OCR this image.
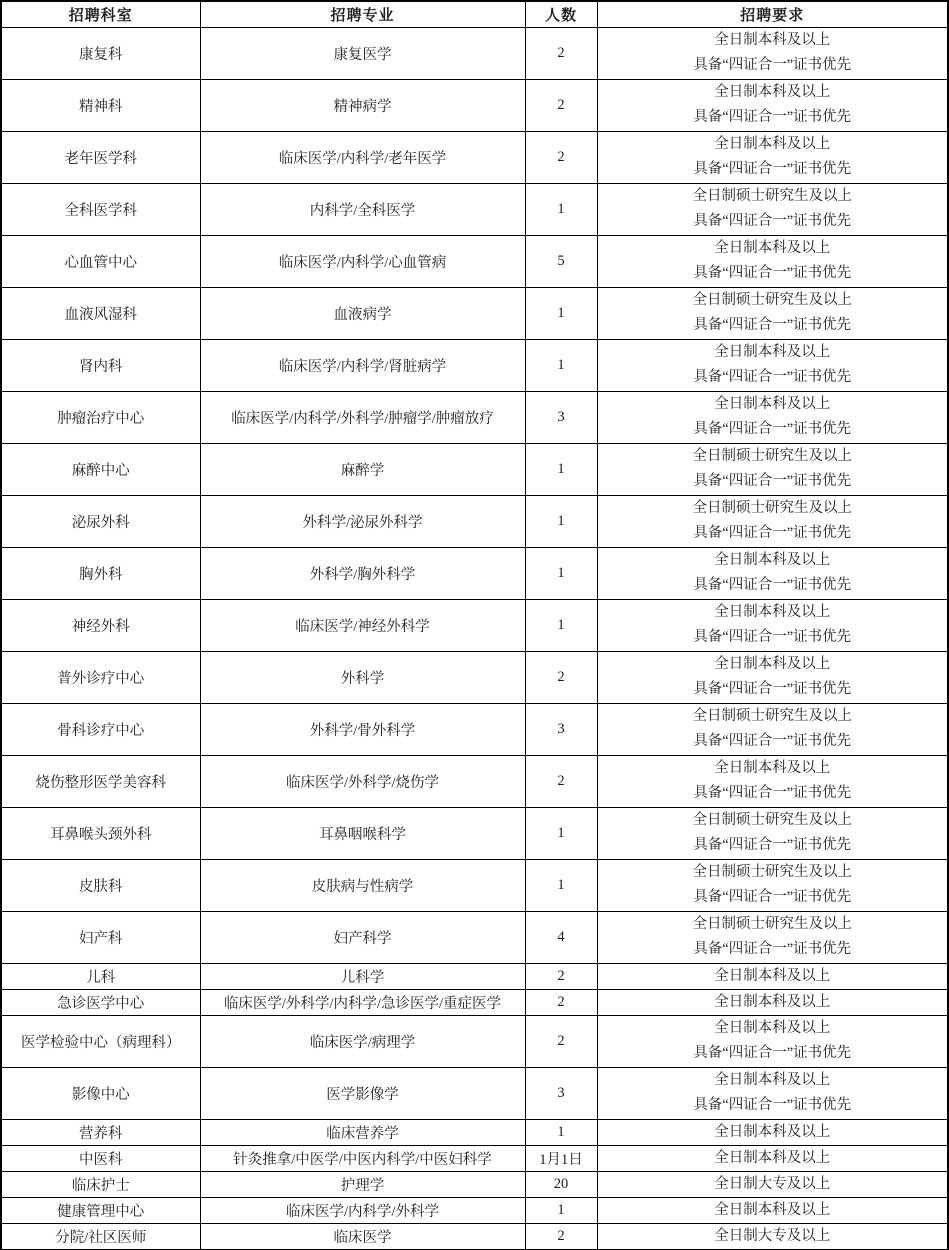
招聘科室	招聘专业	人数	招聘要求
康复科	康复医学	2	全日制本科及以上
具备“四证合一”证书优先

精神科	精神病学	2	全日制本科及以上
具备“四证合一”证书优先

老年医学科	临床医学/内科学/老年医学	2	全日制本科及以上
具备“四证合一”证书优先

全科医学科	内科学/全科医学	1	全日制硕士研究生及以上
具备“四证合一”证书优先

心血管中心	临床医学/内科学/心血管病	5	全日制本科及以上
具备“四证合一”证书优先

血液风湿科	血液病学	1	全日制硕士研究生及以上
具备“四证合一”证书优先

肾内科	临床医学/内科学/肾脏病学	1	全日制本科及以上
具备“四证合一”证书优先

肿瘤治疗中心	临床医学/内科学/外科学/肿瘤学/肿瘤放疗	3	全日制本科及以上
具备“四证合一”证书优先

麻醉中心	麻醉学	1	全日制硕士研究生及以上
具备“四证合一”证书优先

泌尿外科	外科学/泌尿外科学	1	全日制硕士研究生及以上
具备“四证合一”证书优先

胸外科	外科学/胸外科学	1	全日制本科及以上
具备“四证合一”证书优先

神经外科	临床医学/神经外科学	1	全日制本科及以上
具备“四证合一”证书优先

普外诊疗中心	外科学	2	全日制本科及以上
具备“四证合一”证书优先

骨科诊疗中心	外科学/骨外科学	3	全日制硕士研究生及以上
具备“四证合一”证书优先

烧伤整形医学美容科	临床医学/外科学/烧伤学	2	全日制本科及以上
具备“四证合一”证书优先

耳鼻喉头颈外科	耳鼻咽喉科学	1	全日制硕士研究生及以上
具备“四证合一”证书优先

皮肤科	皮肤病与性病学	1	全日制硕士研究生及以上
具备“四证合一”证书优先

妇产科	妇产科学	4	全日制硕士研究生及以上
具备“四证合一”证书优先

儿科	儿科学	2	全日制本科及以上

急诊医学中心	临床医学/外科学/内科学/急诊医学/重症医学	2	全日制本科及以上

医学检验中心（病理科）	临床医学/病理学	2	全日制本科及以上
具备“四证合一”证书优先

影像中心	医学影像学	3	全日制本科及以上
具备“四证合一”证书优先

营养科	临床营养学	1	全日制本科及以上

中医科	针灸推拿/中医学/中医内科学/中医妇科学	1月1日	全日制本科及以上

临床护士	护理学	20	全日制大专及以上

健康管理中心	临床医学/内科学/外科学	1	全日制本科及以上

分院/社区医师	临床医学	2	全日制大专及以上
